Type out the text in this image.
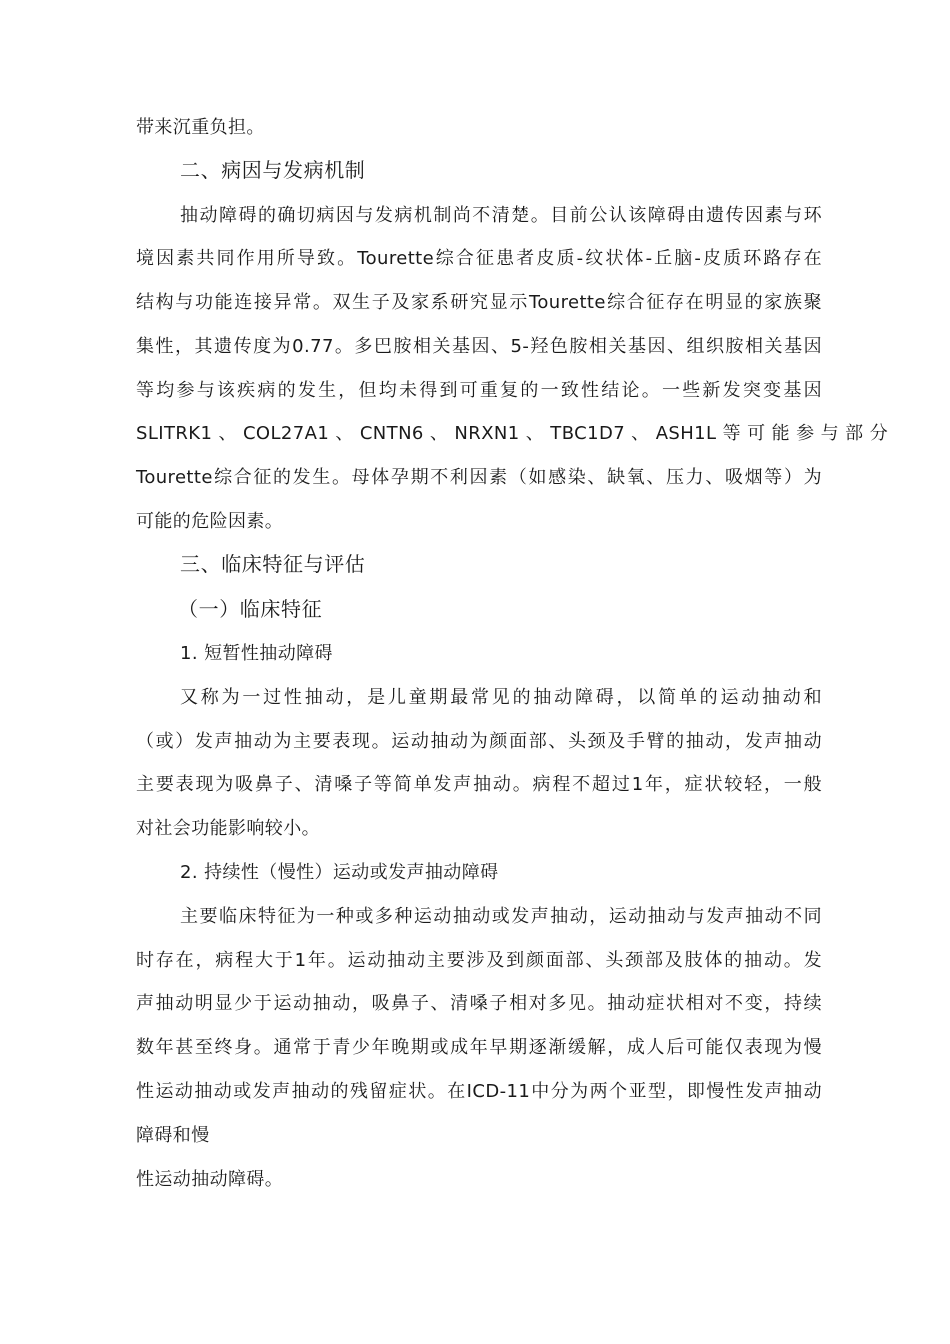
带来沉重负担。
二、病因与发病机制
抽动障碍的确切病因与发病机制尚不清楚。目前公认该障碍由遗传因素与环
境因素共同作用所导致。Tourette综合征患者皮质-纹状体-丘脑-皮质环路存在
结构与功能连接异常。双生子及家系研究显示Tourette综合征存在明显的家族聚
集性，其遗传度为0.77。多巴胺相关基因、5-羟色胺相关基因、组织胺相关基因
等均参与该疾病的发生，但均未得到可重复的一致性结论。一些新发突变基因
SLITRK1 、 COL27A1 、 CNTN6 、 NRXN1 、 TBC1D7 、 ASH1L 等 可 能 参 与 部 分
Tourette综合征的发生。母体孕期不利因素（如感染、缺氧、压力、吸烟等）为
可能的危险因素。
三、临床特征与评估
（一）临床特征
1. 短暂性抽动障碍
又称为一过性抽动，是儿童期最常见的抽动障碍，以简单的运动抽动和
（或）发声抽动为主要表现。运动抽动为颜面部、头颈及手臂的抽动，发声抽动
主要表现为吸鼻子、清嗓子等简单发声抽动。病程不超过1年，症状较轻，一般
对社会功能影响较小。
2. 持续性（慢性）运动或发声抽动障碍
主要临床特征为一种或多种运动抽动或发声抽动，运动抽动与发声抽动不同
时存在，病程大于1年。运动抽动主要涉及到颜面部、头颈部及肢体的抽动。发
声抽动明显少于运动抽动，吸鼻子、清嗓子相对多见。抽动症状相对不变，持续
数年甚至终身。通常于青少年晚期或成年早期逐渐缓解，成人后可能仅表现为慢
性运动抽动或发声抽动的残留症状。在ICD-11中分为两个亚型，即慢性发声抽动
障碍和慢
性运动抽动障碍。
